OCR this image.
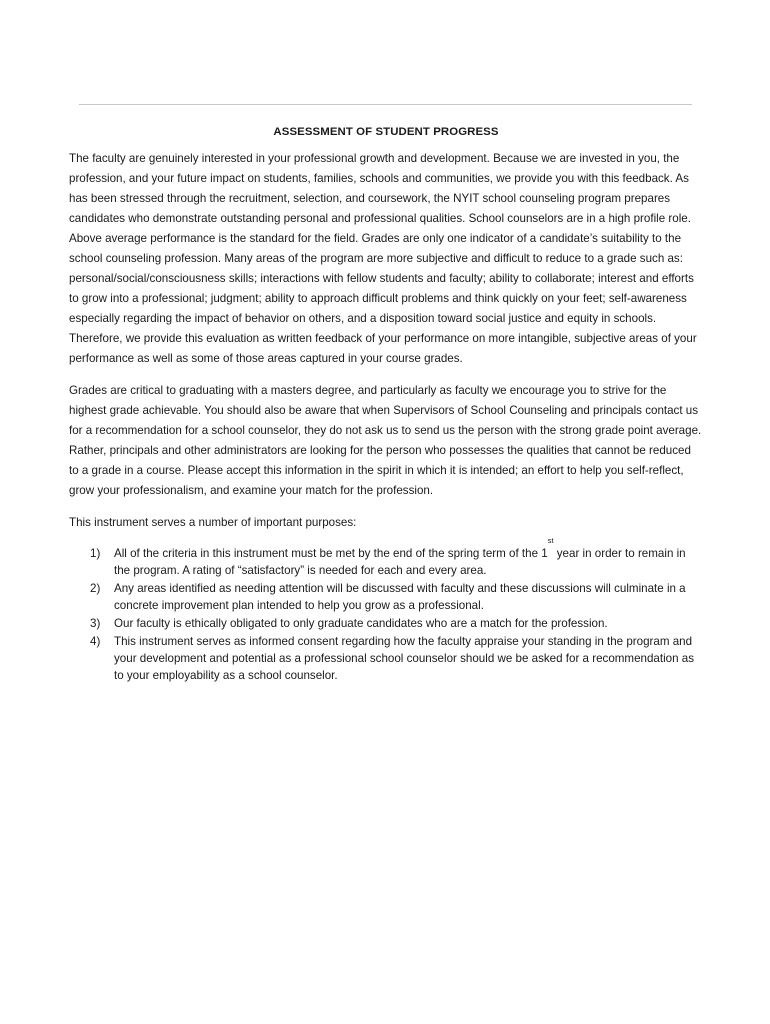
ASSESSMENT OF STUDENT PROGRESS

The faculty are genuinely interested in your professional growth and development. Because we are invested in you, the profession, and your future impact on students, families, schools and communities, we provide you with this feedback. As has been stressed through the recruitment, selection, and coursework, the NYIT school counseling program prepares candidates who demonstrate outstanding personal and professional qualities. School counselors are in a high profile role. Above average performance is the standard for the field. Grades are only one indicator of a candidate’s suitability to the school counseling profession. Many areas of the program are more subjective and difficult to reduce to a grade such as: personal/social/consciousness skills; interactions with fellow students and faculty; ability to collaborate; interest and efforts to grow into a professional; judgment; ability to approach difficult problems and think quickly on your feet; self-awareness especially regarding the impact of behavior on others, and a disposition toward social justice and equity in schools. Therefore, we provide this evaluation as written feedback of your performance on more intangible, subjective areas of your performance as well as some of those areas captured in your course grades.

Grades are critical to graduating with a masters degree, and particularly as faculty we encourage you to strive for the highest grade achievable. You should also be aware that when Supervisors of School Counseling and principals contact us for a recommendation for a school counselor, they do not ask us to send us the person with the strong grade point average. Rather, principals and other administrators are looking for the person who possesses the qualities that cannot be reduced to a grade in a course. Please accept this information in the spirit in which it is intended; an effort to help you self-reflect, grow your professionalism, and examine your match for the profession.

This instrument serves a number of important purposes:

1) All of the criteria in this instrument must be met by the end of the spring term of the 1st year in order to remain in the program. A rating of “satisfactory” is needed for each and every area.
2) Any areas identified as needing attention will be discussed with faculty and these discussions will culminate in a concrete improvement plan intended to help you grow as a professional.
3) Our faculty is ethically obligated to only graduate candidates who are a match for the profession.
4) This instrument serves as informed consent regarding how the faculty appraise your standing in the program and your development and potential as a professional school counselor should we be asked for a recommendation as to your employability as a school counselor.
